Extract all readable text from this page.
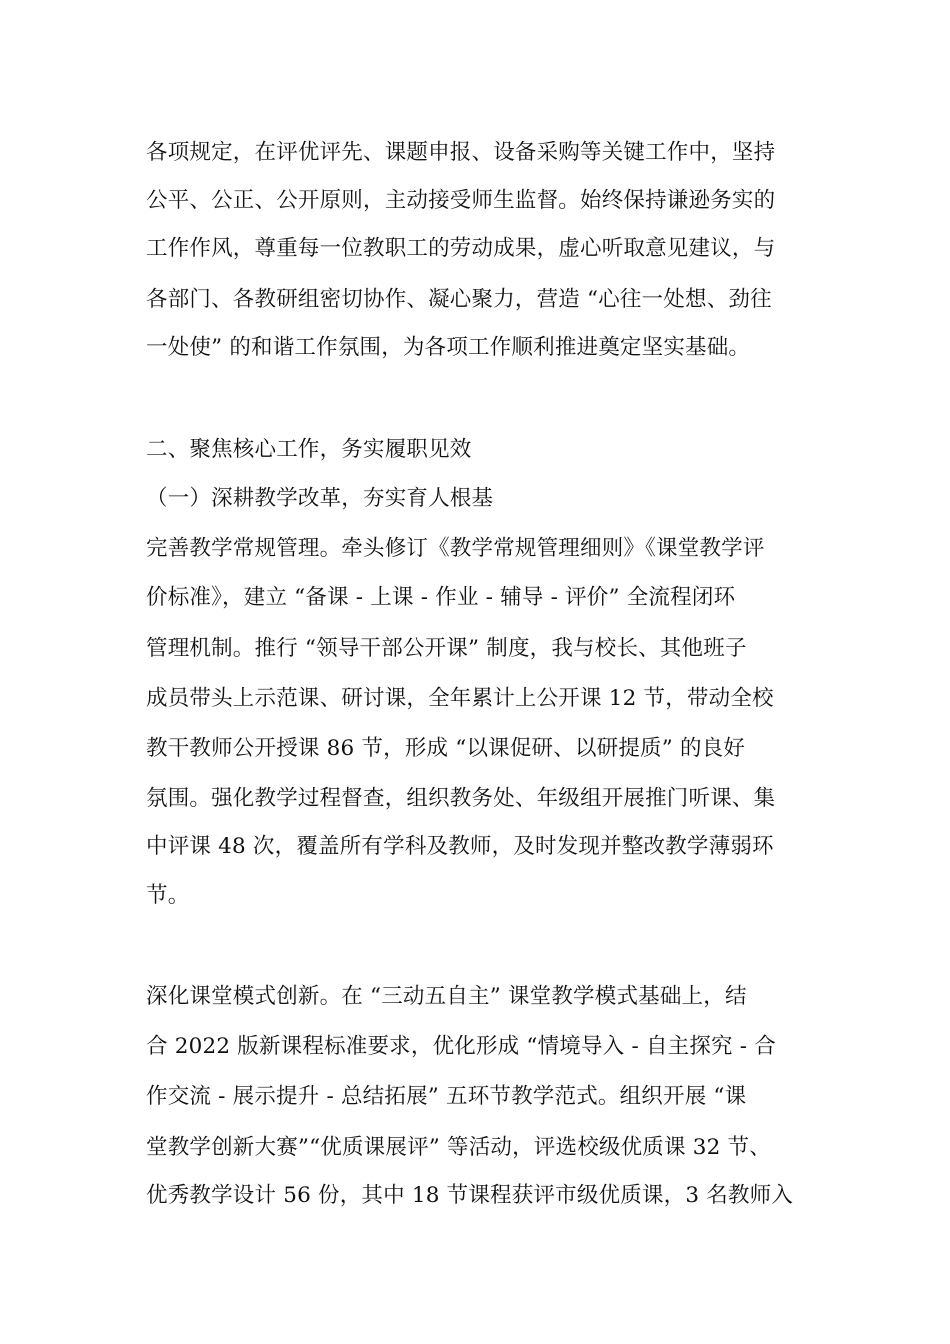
各项规定，在评优评先、课题申报、设备采购等关键工作中，坚持
公平、公正、公开原则，主动接受师生监督。始终保持谦逊务实的
工作作风，尊重每一位教职工的劳动成果，虚心听取意见建议，与
各部门、各教研组密切协作、凝心聚力，营造 “心往一处想、劲往
一处使” 的和谐工作氛围，为各项工作顺利推进奠定坚实基础。
二、聚焦核心工作，务实履职见效
（一）深耕教学改革，夯实育人根基
完善教学常规管理。牵头修订《教学常规管理细则》《课堂教学评
价标准》，建立 “备课 - 上课 - 作业 - 辅导 - 评价” 全流程闭环
管理机制。推行 “领导干部公开课” 制度，我与校长、其他班子
成员带头上示范课、研讨课，全年累计上公开课 12 节，带动全校
教干教师公开授课 86 节，形成 “以课促研、以研提质” 的良好
氛围。强化教学过程督查，组织教务处、年级组开展推门听课、集
中评课 48 次，覆盖所有学科及教师，及时发现并整改教学薄弱环
节。
深化课堂模式创新。在 “三动五自主” 课堂教学模式基础上，结
合 2022 版新课程标准要求，优化形成 “情境导入 - 自主探究 - 合
作交流 - 展示提升 - 总结拓展” 五环节教学范式。组织开展 “课
堂教学创新大赛”“优质课展评” 等活动，评选校级优质课 32 节、
优秀教学设计 56 份，其中 18 节课程获评市级优质课，3 名教师入
